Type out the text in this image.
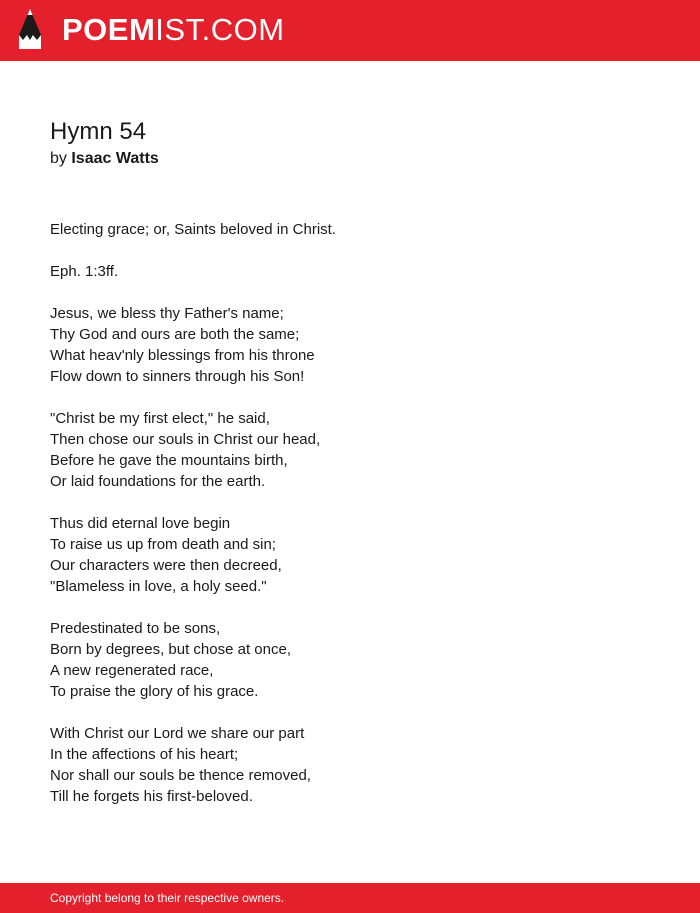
POEMIST.COM
Hymn 54
by Isaac Watts
Electing grace; or, Saints beloved in Christ.
Eph. 1:3ff.
Jesus, we bless thy Father's name;
Thy God and ours are both the same;
What heav'nly blessings from his throne
Flow down to sinners through his Son!
"Christ be my first elect," he said,
Then chose our souls in Christ our head,
Before he gave the mountains birth,
Or laid foundations for the earth.
Thus did eternal love begin
To raise us up from death and sin;
Our characters were then decreed,
"Blameless in love, a holy seed."
Predestinated to be sons,
Born by degrees, but chose at once,
A new regenerated race,
To praise the glory of his grace.
With Christ our Lord we share our part
In the affections of his heart;
Nor shall our souls be thence removed,
Till he forgets his first-beloved.
Copyright belong to their respective owners.
